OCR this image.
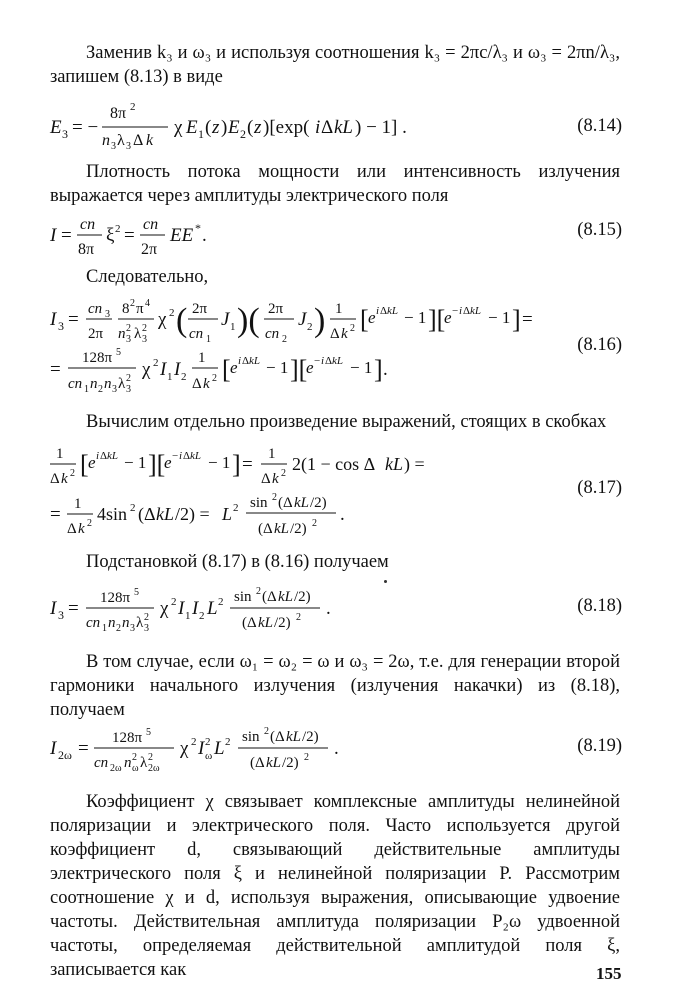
Заменив k₃ и ω₃ и используя соотношения k₃ = 2πc/λ₃ и ω₃ = 2πn/λ₃, запишем (8.13) в виде

E 3 = −
8π 2
n 3 λ 3 Δ k
χ E 1 ( z ) E 2 ( z )[exp( i Δ kL ) − 1] .	(8.14)

Плотность потока мощности или интенсивность излучения выражается через амплитуды электрического поля

I =
cn
8π
ξ 2 =
cn
2π
EE * .	(8.15)

Следовательно,

I 3 = cn 3
2π
8 2 π 4
n 2
3 λ 2
3
χ 2 ( 2π
cn 1
J 1 )( 2π
cn 2
J 2 ) 1
Δ k 2 [ e i Δ kL − 1 ][
e − i Δ kL − 1 ] =
=
128π 5
cn 1 n 2 n 3 λ 2
3
χ 2 I 1 I 2
1
Δ k 2 [ e i Δ kL − 1 ][
e − i Δ kL − 1 ] .
(8.16)

Вычислим отдельно произведение выражений, стоящих в скобках

1
Δ k 2 [ e i Δ kL − 1 ][
e − i Δ kL − 1 ] = 1
Δ k 2 2(1 − cos Δ kL ) =
= 1
Δ k 2 4sin 2 (Δ kL /2) = L 2 sin 2 (Δ kL /2)
(Δ kL /2) 2 .
(8.17)

Подстановкой (8.17) в (8.16) получаем

I 3 = 128π 5
cn 1 n 2 n 3 λ 2
3
χ 2 I 1 I 2 L 2 sin 2 (Δ kL /2)
(Δ kL /2) 2 .	(8.18)

В том случае, если ω₁ = ω₂ = ω и ω₃ = 2ω, т.е. для генерации второй гармоники начального излучения (излучения накачки) из (8.18), получаем

I 2ω = 128π 5
cn 2ω n 2
ω λ 2
2ω
χ 2 I 2
ω L 2 sin 2 (Δ kL /2)
(Δ kL /2) 2 .	(8.19)

Коэффициент χ связывает комплексные амплитуды нелинейной поляризации и электрического поля. Часто используется другой коэффициент d, связывающий действительные амплитуды электрического поля ξ и нелинейной поляризации P. Рассмотрим соотношение χ и d, используя выражения, описывающие удвоение частоты. Действительная амплитуда поляризации P₂ω удвоенной частоты, определяемая действительной амплитудой поля ξ, записывается как	155
